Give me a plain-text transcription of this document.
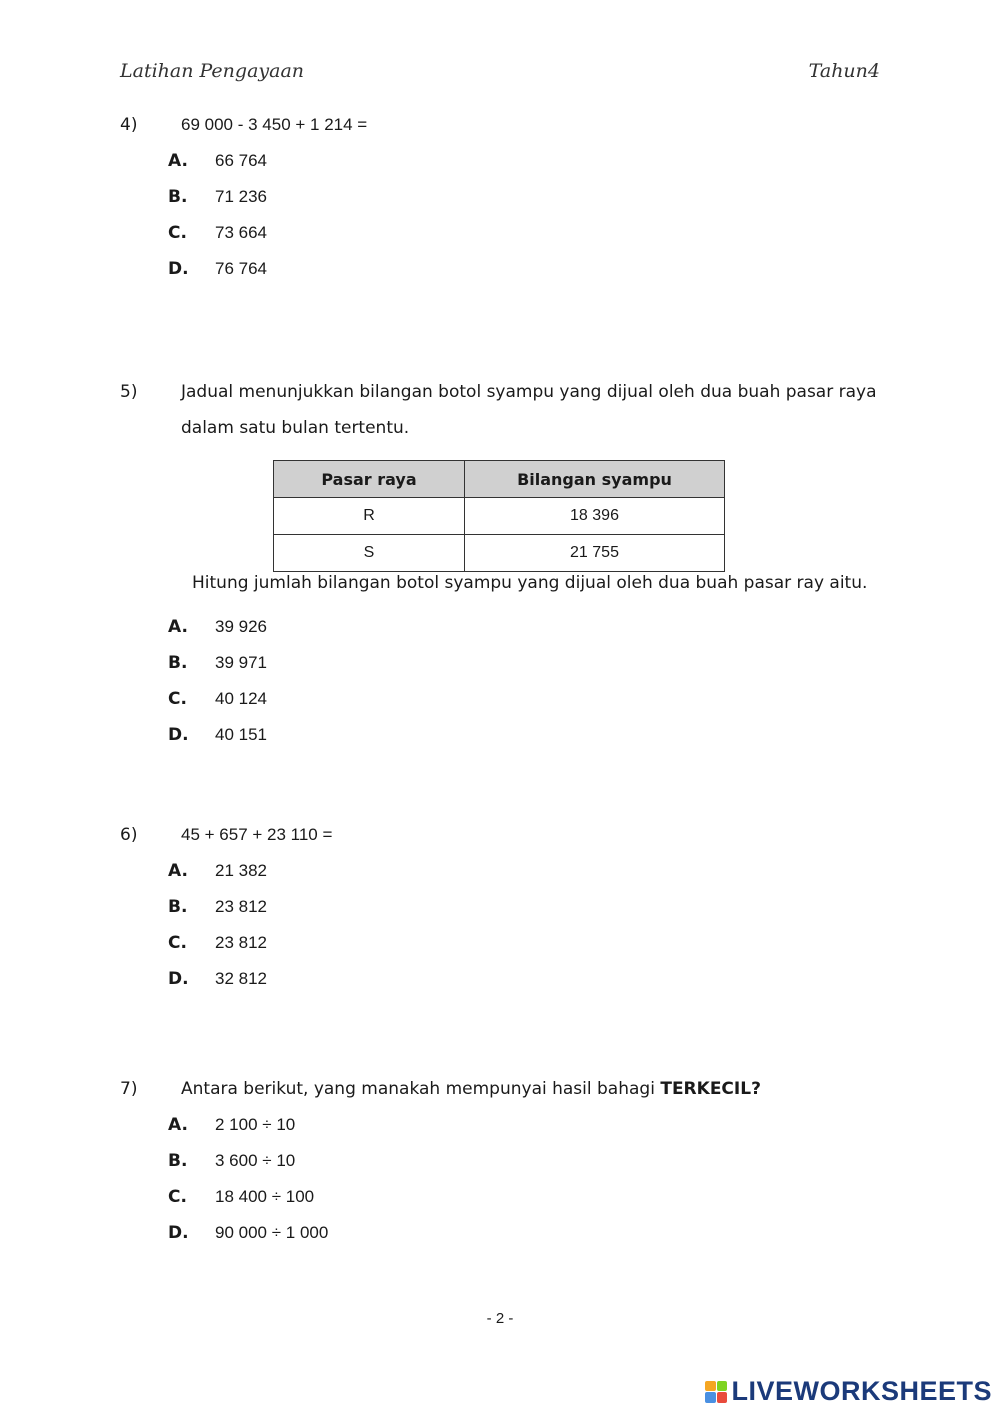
Latihan Pengayaan	Tahun4
4)	69 000 - 3 450 + 1 214 =
A.	66 764
B.	71 236
C.	73 664
D.	76 764
5)	Jadual menunjukkan bilangan botol syampu yang dijual oleh dua buah pasar raya
dalam satu bulan tertentu.
Pasar raya	Bilangan syampu
R	18 396
S	21 755
Hitung jumlah bilangan botol syampu yang dijual oleh dua buah pasar ray aitu.
A.	39 926
B.	39 971
C.	40 124
D.	40 151
6)	45 + 657 + 23 110 =
A.	21 382
B.	23 812
C.	23 812
D.	32 812
7)	Antara berikut, yang manakah mempunyai hasil bahagi TERKECIL?
A.	2 100 ÷ 10
B.	3 600 ÷ 10
C.	18 400 ÷ 100
D.	90 000 ÷ 1 000
- 2 -
LIVEWORKSHEETS
